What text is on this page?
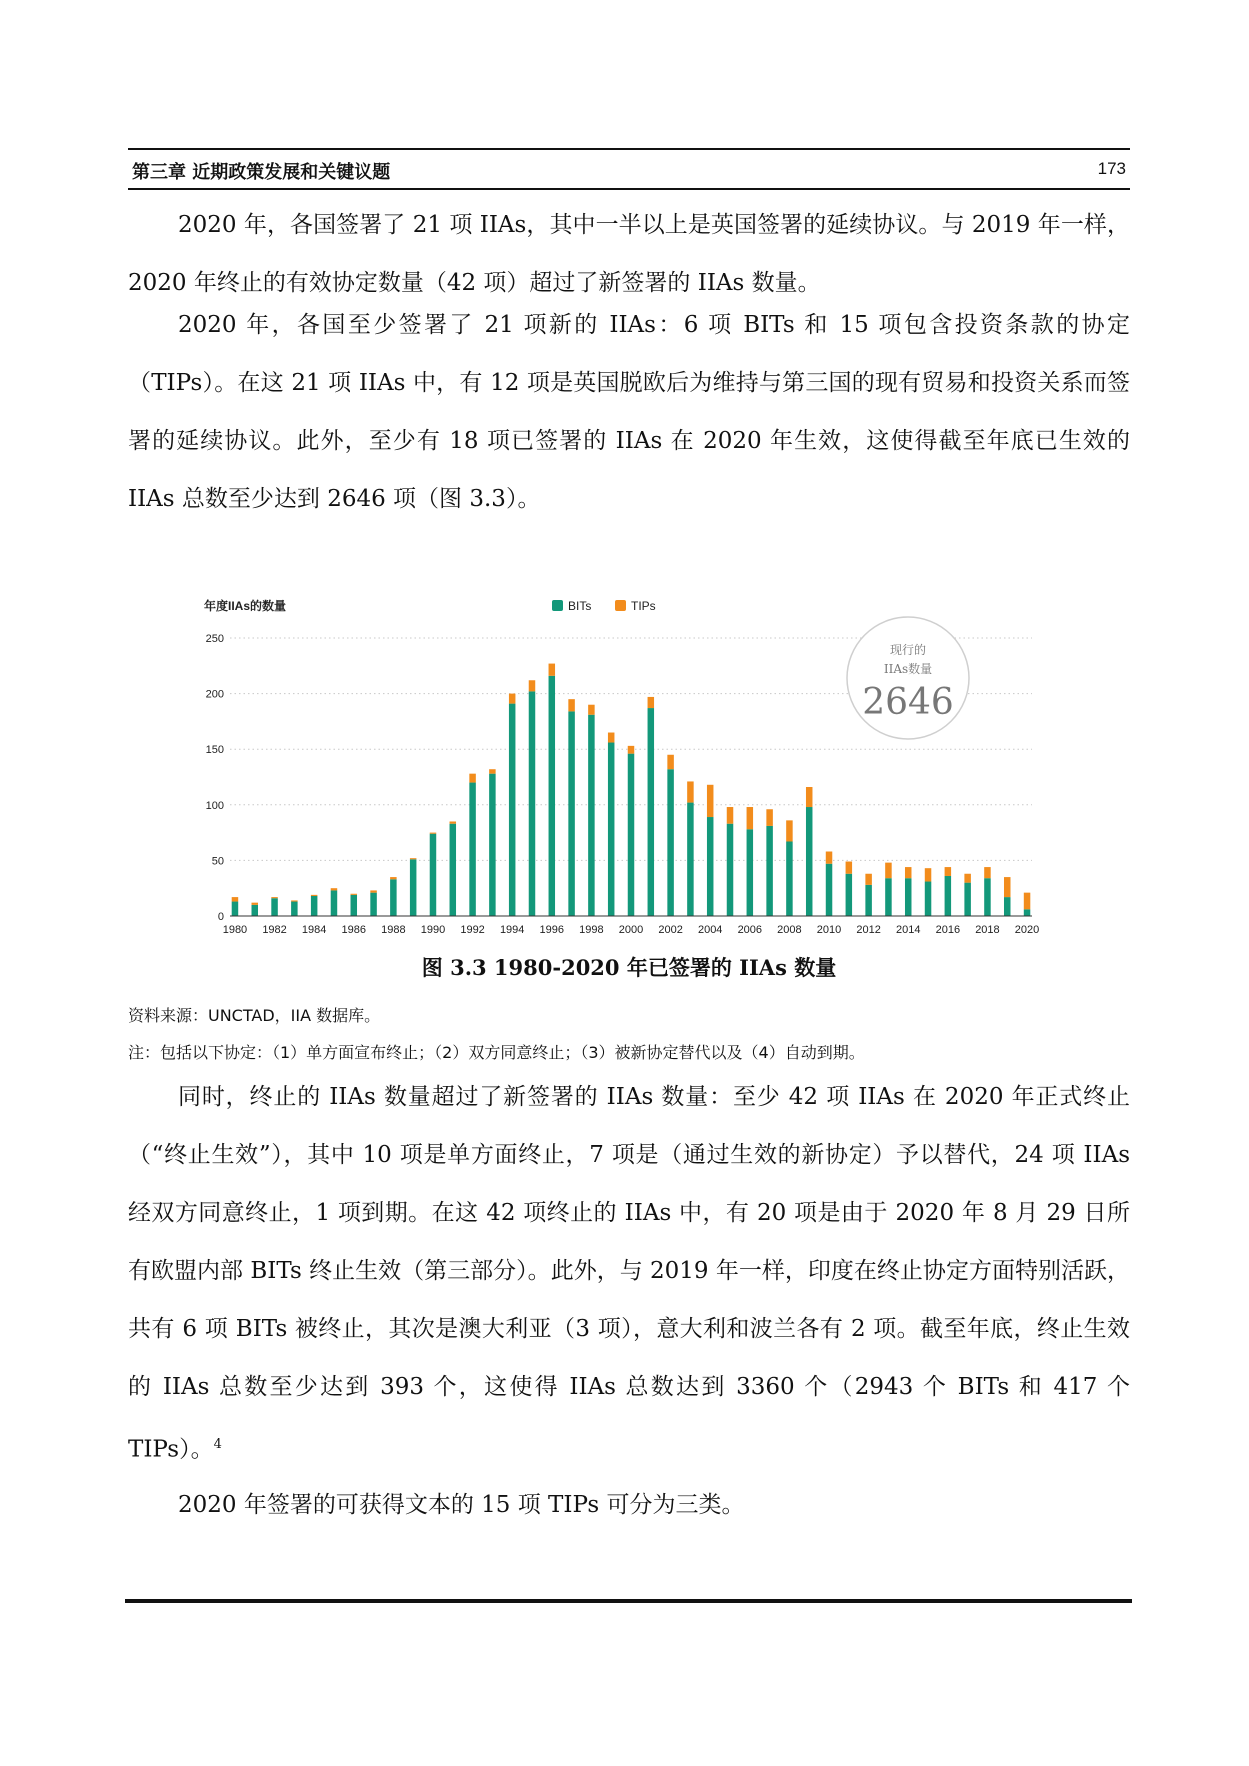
第三章 近期政策发展和关键议题	173
2020 年，各国签署了 21 项 IIAs，其中一半以上是英国签署的延续协议。与 2019 年一样，2020 年终止的有效协定数量（42 项）超过了新签署的 IIAs 数量。
2020 年，各国至少签署了 21 项新的 IIAs：6 项 BITs 和 15 项包含投资条款的协定（TIPs）。在这 21 项 IIAs 中，有 12 项是英国脱欧后为维持与第三国的现有贸易和投资关系而签署的延续协议。此外，至少有 18 项已签署的 IIAs 在 2020 年生效，这使得截至年底已生效的 IIAs 总数至少达到 2646 项（图 3.3）。
0
50
100
150
200
250
1980 1982 1984 1986 1988 1990 1992 1994 1996 1998 2000 2002 2004 2006 2008 2010 2012 2014 2016 2018 2020
年度IIAs的数量	BITs	TIPs
现行的
IIAs数量
2646
图 3.3 1980-2020 年已签署的 IIAs 数量
资料来源：UNCTAD，IIA 数据库。
注：包括以下协定：（1）单方面宣布终止；（2）双方同意终止；（3）被新协定替代以及（4）自动到期。
同时，终止的 IIAs 数量超过了新签署的 IIAs 数量：至少 42 项 IIAs 在 2020 年正式终止（“终止生效”），其中 10 项是单方面终止，7 项是（通过生效的新协定）予以替代，24 项 IIAs 经双方同意终止，1 项到期。在这 42 项终止的 IIAs 中，有 20 项是由于 2020 年 8 月 29 日所有欧盟内部 BITs 终止生效（第三部分）。此外，与 2019 年一样，印度在终止协定方面特别活跃，共有 6 项 BITs 被终止，其次是澳大利亚（3 项），意大利和波兰各有 2 项。截至年底，终止生效的 IIAs 总数至少达到 393 个，这使得 IIAs 总数达到 3360 个（2943 个 BITs 和 417 个 TIPs）。$^4$
2020 年签署的可获得文本的 15 项 TIPs 可分为三类。
